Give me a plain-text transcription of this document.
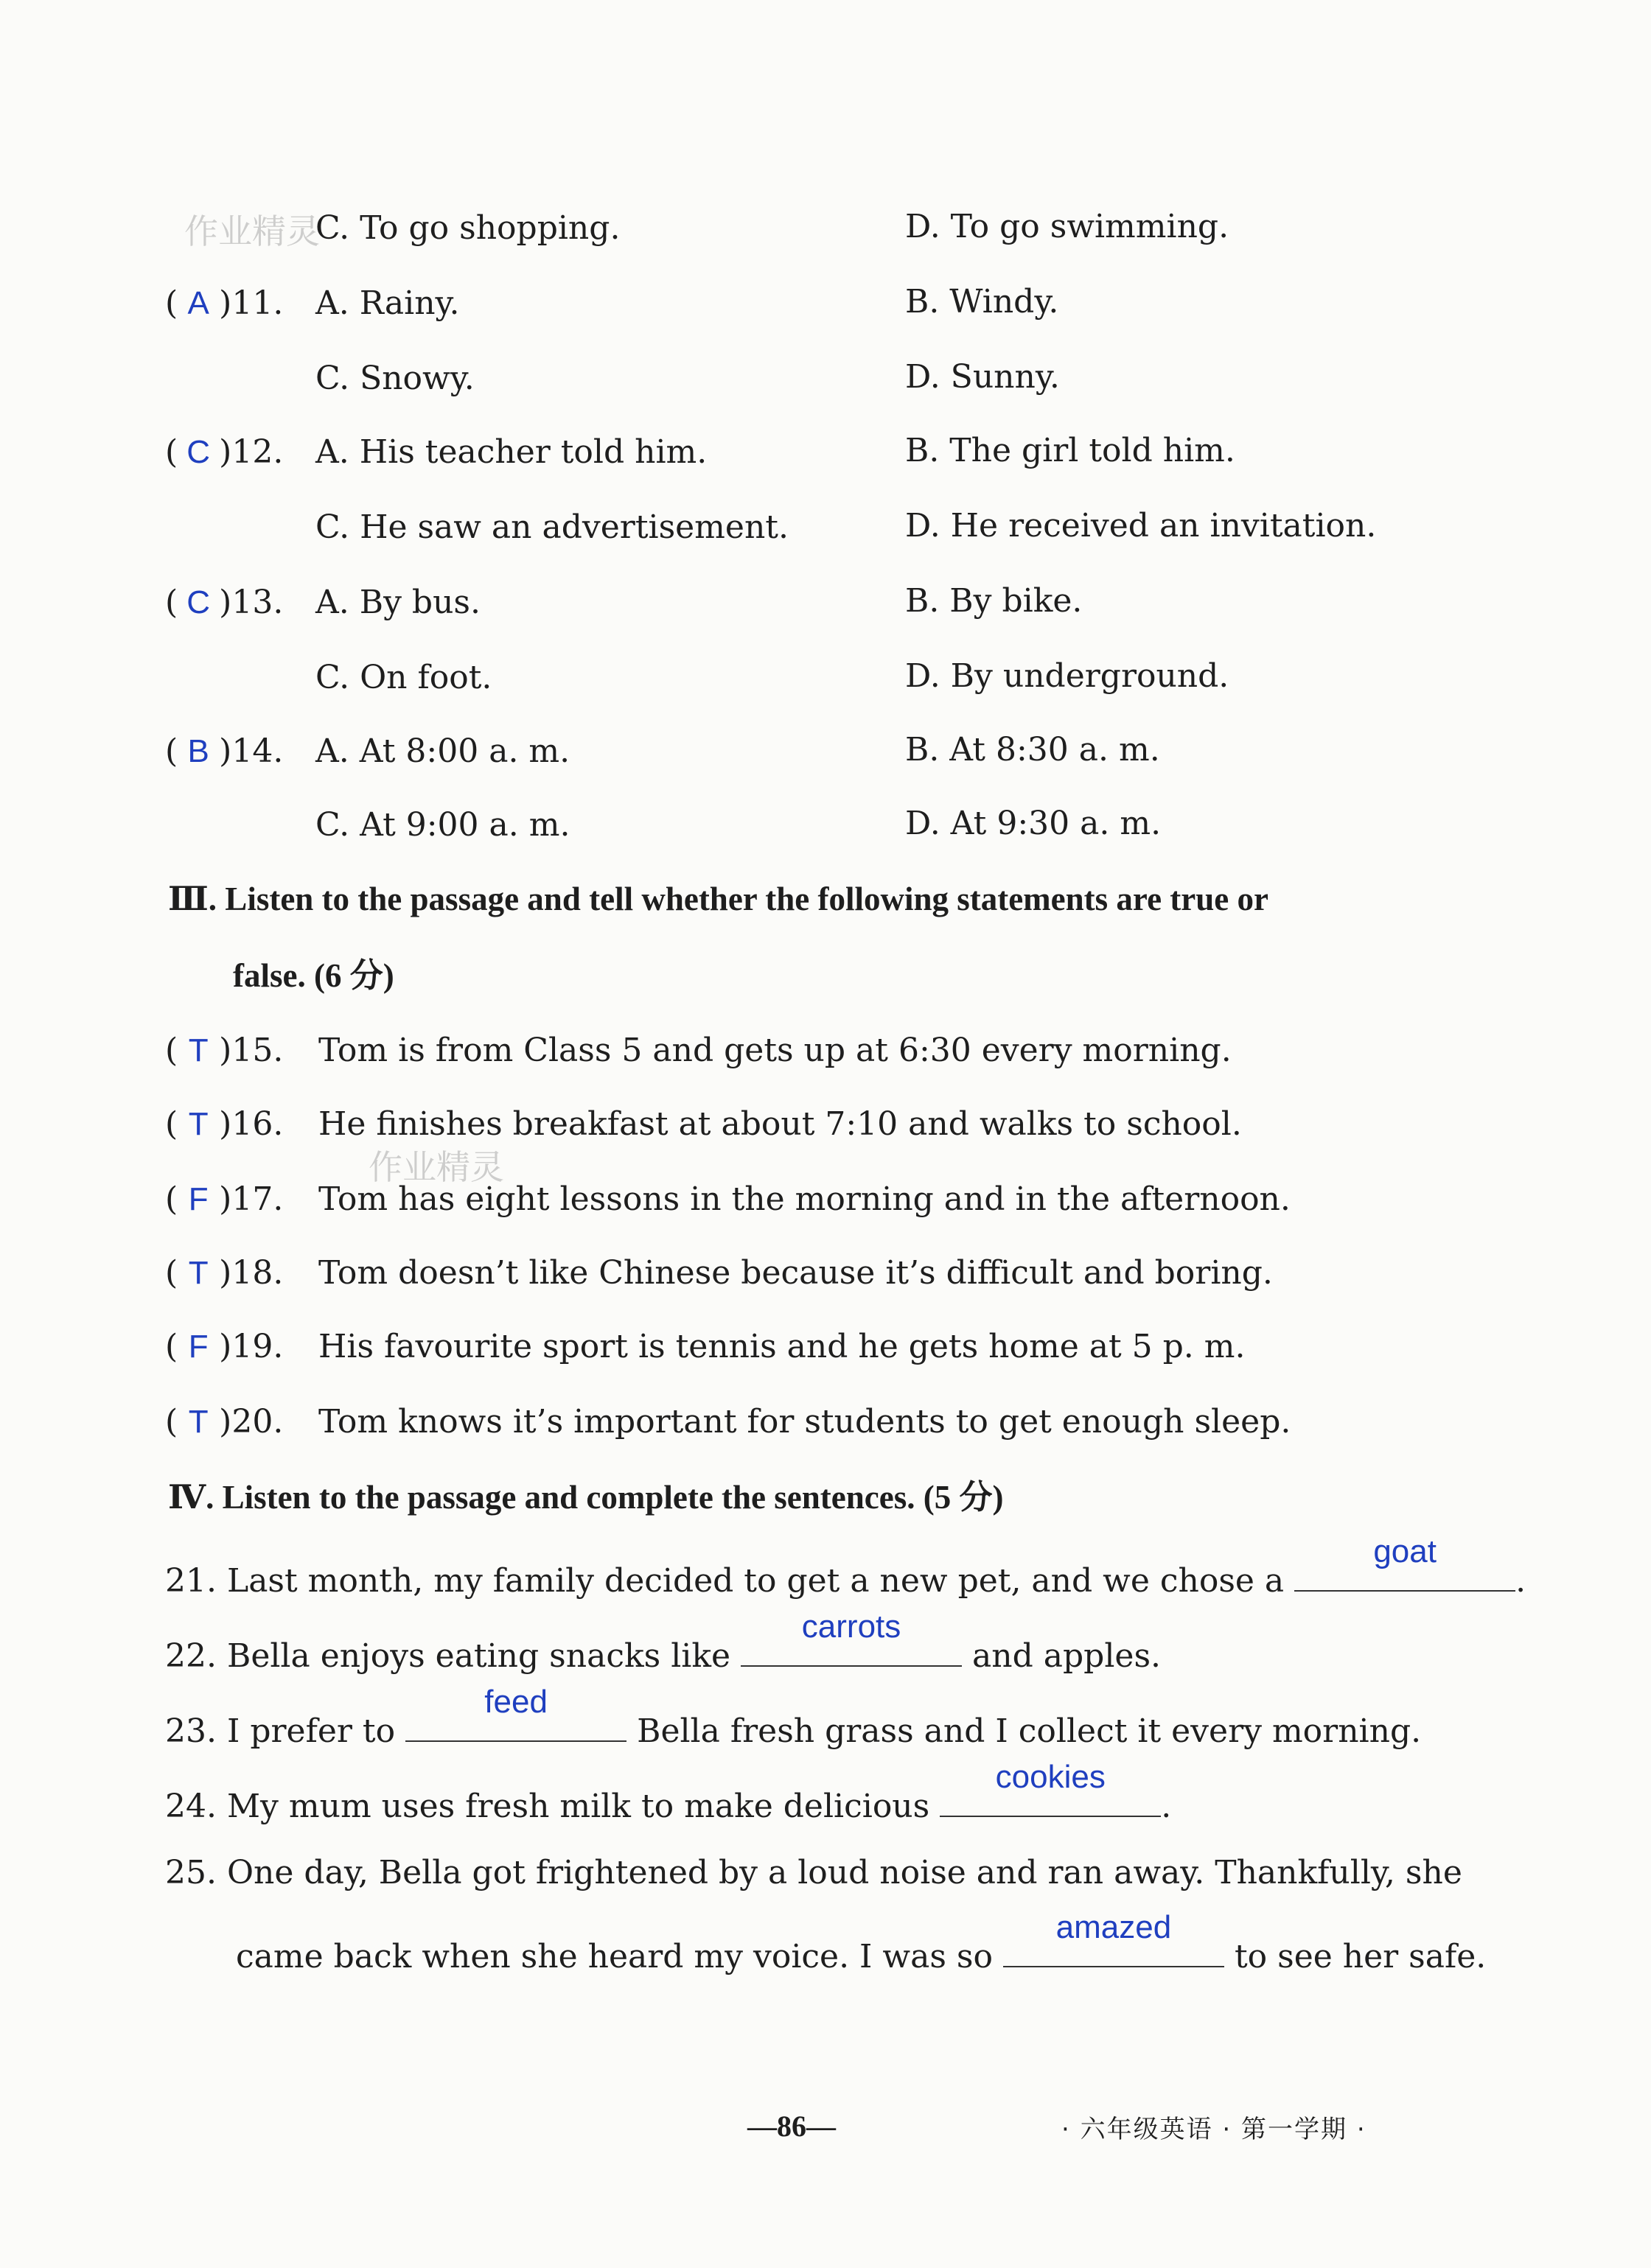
作业精灵
C. To go shopping.	D. To go swimming.
( A )11. A. Rainy.	B. Windy.
C. Snowy.	D. Sunny.
( C )12. A. His teacher told him.	B. The girl told him.
C. He saw an advertisement.	D. He received an invitation.
( C )13. A. By bus.	B. By bike.
C. On foot.	D. By underground.
( B )14. A. At 8:00 a. m.	B. At 8:30 a. m.
C. At 9:00 a. m.	D. At 9:30 a. m.
Ⅲ. Listen to the passage and tell whether the following statements are true or
false. (6 分)
( T )15. Tom is from Class 5 and gets up at 6:30 every morning.
( T )16. He finishes breakfast at about 7:10 and walks to school.
( F )17. Tom has eight lessons in the morning and in the afternoon.
作业精灵
( T )18. Tom doesn’t like Chinese because it’s difficult and boring.
( F )19. His favourite sport is tennis and he gets home at 5 p. m.
( T )20. Tom knows it’s important for students to get enough sleep.
Ⅳ. Listen to the passage and complete the sentences. (5 分)
21. Last month, my family decided to get a new pet, and we chose a
goat
.
22. Bella enjoys eating snacks like
carrots
and apples.
23. I prefer to
feed
Bella fresh grass and I collect it every morning.
24. My mum uses fresh milk to make delicious
cookies
.
25. One day, Bella got frightened by a loud noise and ran away. Thankfully, she
came back when she heard my voice. I was so
amazed
to see her safe.
—86—	· 六年级英语 · 第一学期 ·
